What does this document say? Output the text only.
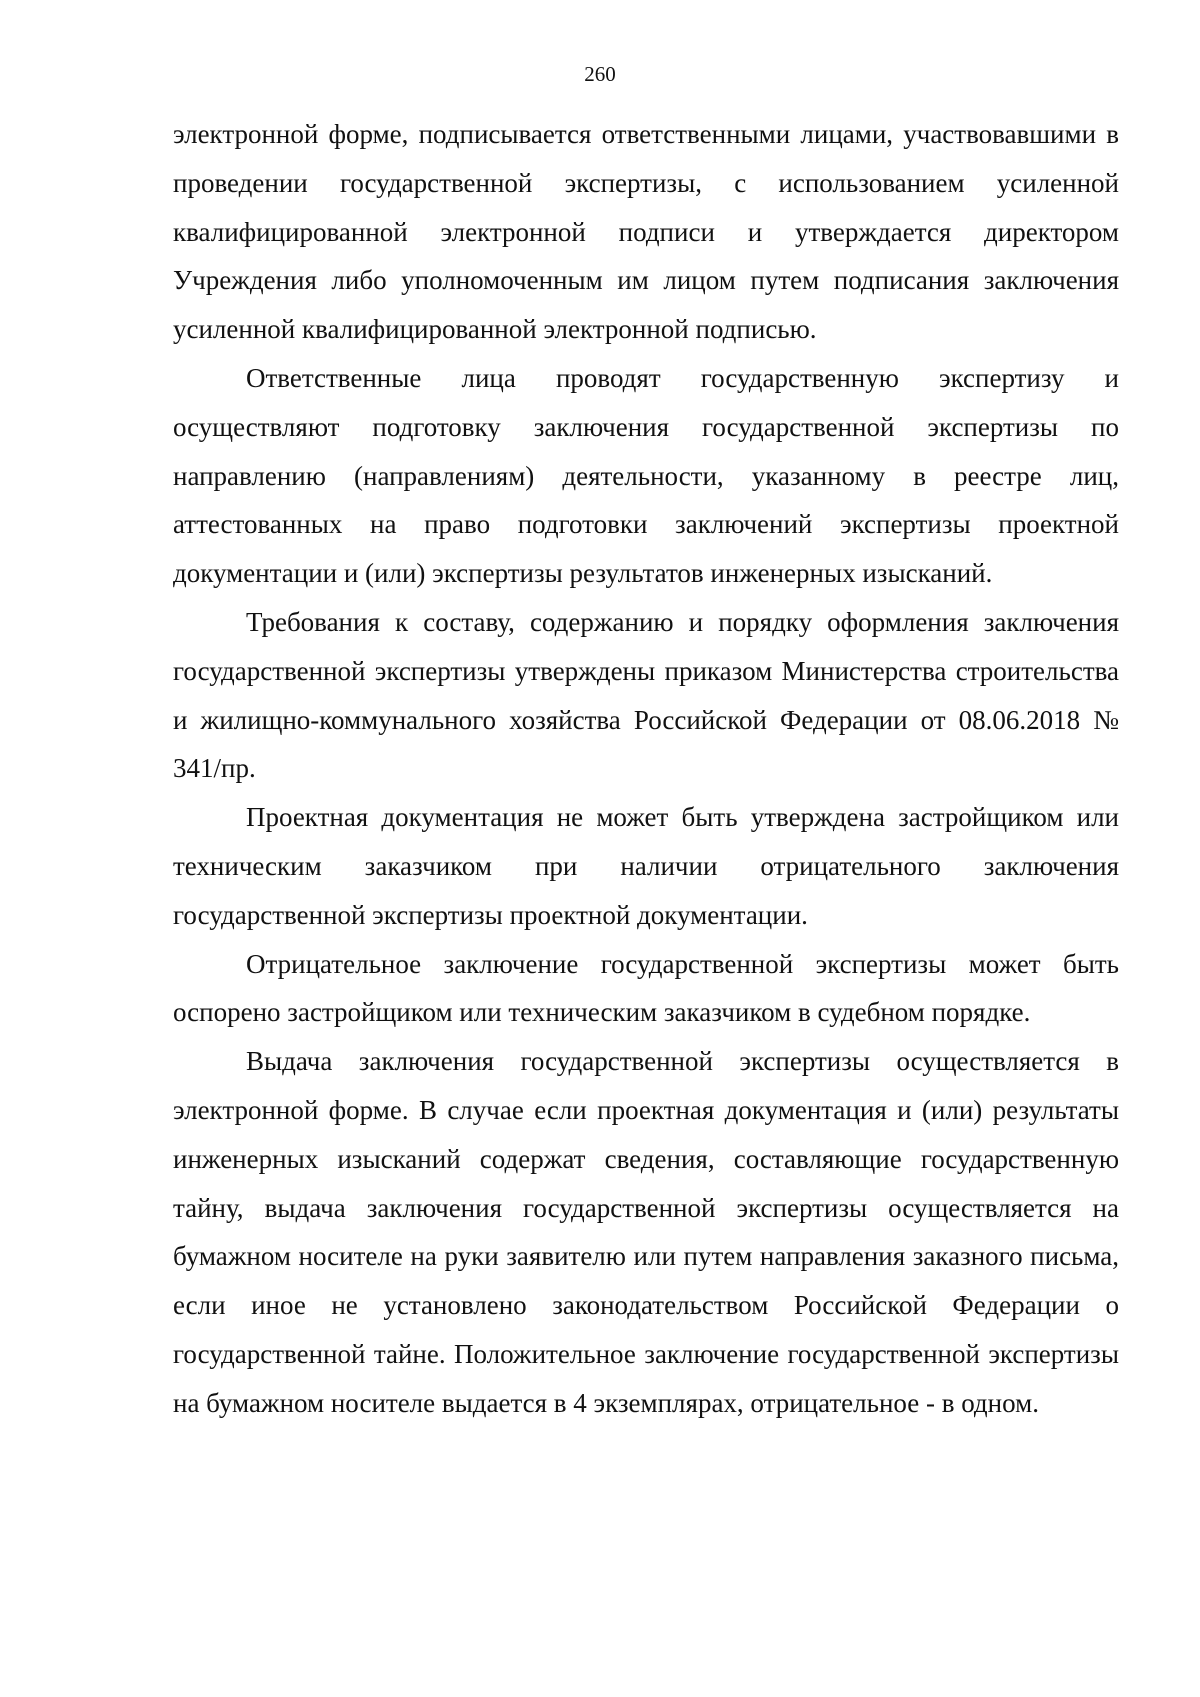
260

электронной форме, подписывается ответственными лицами, участвовавшими в проведении государственной экспертизы, с использованием усиленной квалифицированной электронной подписи и утверждается директором Учреждения либо уполномоченным им лицом путем подписания заключения усиленной квалифицированной электронной подписью.

Ответственные лица проводят государственную экспертизу и осуществляют подготовку заключения государственной экспертизы по направлению (направлениям) деятельности, указанному в реестре лиц, аттестованных на право подготовки заключений экспертизы проектной документации и (или) экспертизы результатов инженерных изысканий.

Требования к составу, содержанию и порядку оформления заключения государственной экспертизы утверждены приказом Министерства строительства и жилищно-коммунального хозяйства Российской Федерации от 08.06.2018 № 341/пр.

Проектная документация не может быть утверждена застройщиком или техническим заказчиком при наличии отрицательного заключения государственной экспертизы проектной документации.

Отрицательное заключение государственной экспертизы может быть оспорено застройщиком или техническим заказчиком в судебном порядке.

Выдача заключения государственной экспертизы осуществляется в электронной форме. В случае если проектная документация и (или) результаты инженерных изысканий содержат сведения, составляющие государственную тайну, выдача заключения государственной экспертизы осуществляется на бумажном носителе на руки заявителю или путем направления заказного письма, если иное не установлено законодательством Российской Федерации о государственной тайне. Положительное заключение государственной экспертизы на бумажном носителе выдается в 4 экземплярах, отрицательное - в одном.
